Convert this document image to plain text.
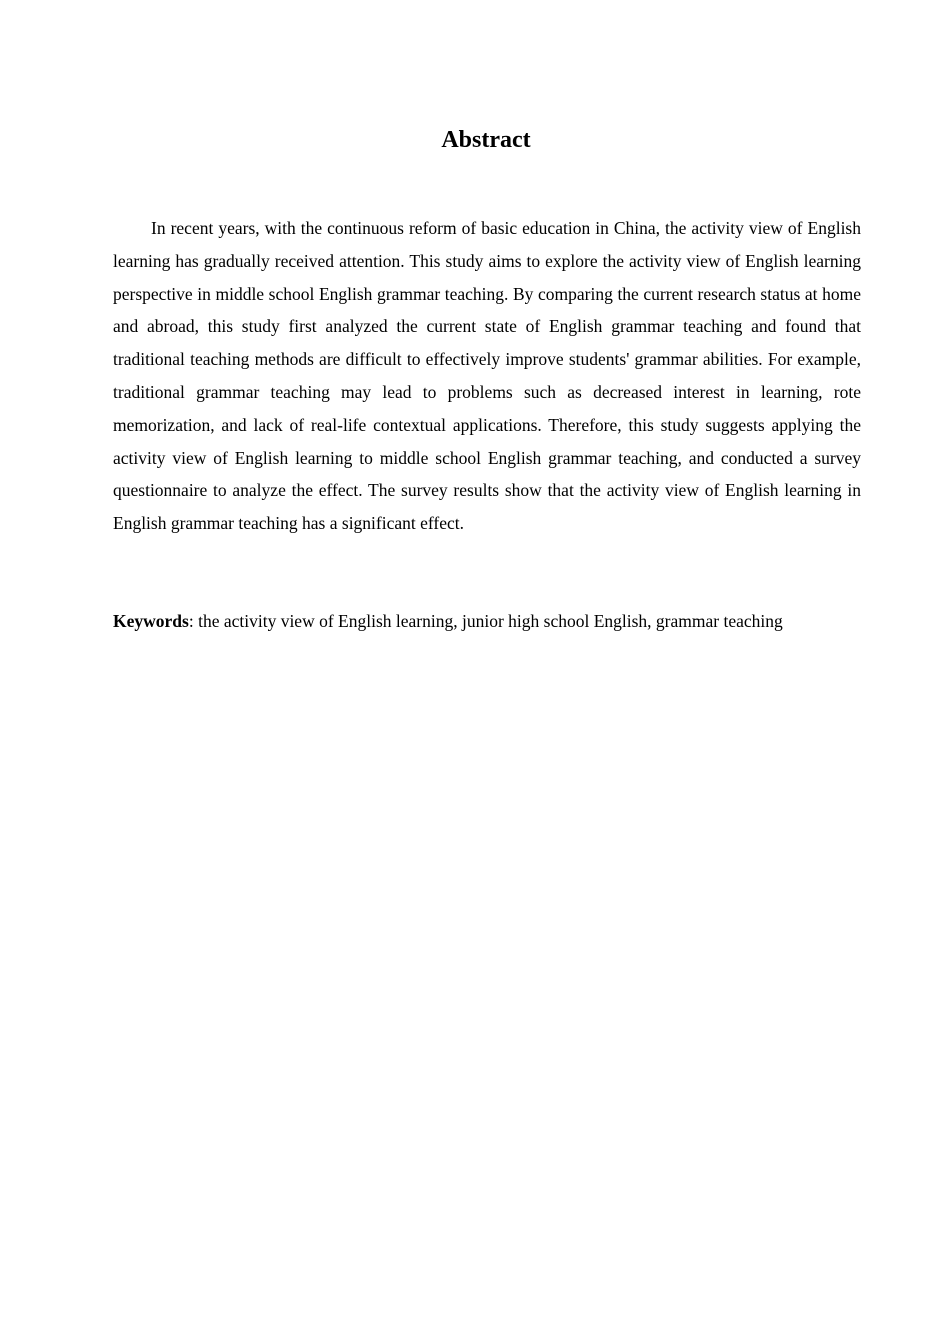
Abstract

In recent years, with the continuous reform of basic education in China, the activity view of English learning has gradually received attention. This study aims to explore the activity view of English learning perspective in middle school English grammar teaching. By comparing the current research status at home and abroad, this study first analyzed the current state of English grammar teaching and found that traditional teaching methods are difficult to effectively improve students' grammar abilities. For example, traditional grammar teaching may lead to problems such as decreased interest in learning, rote memorization, and lack of real-life contextual applications. Therefore, this study suggests applying the activity view of English learning to middle school English grammar teaching, and conducted a survey questionnaire to analyze the effect. The survey results show that the activity view of English learning in English grammar teaching has a significant effect.

Keywords: the activity view of English learning, junior high school English, grammar teaching
